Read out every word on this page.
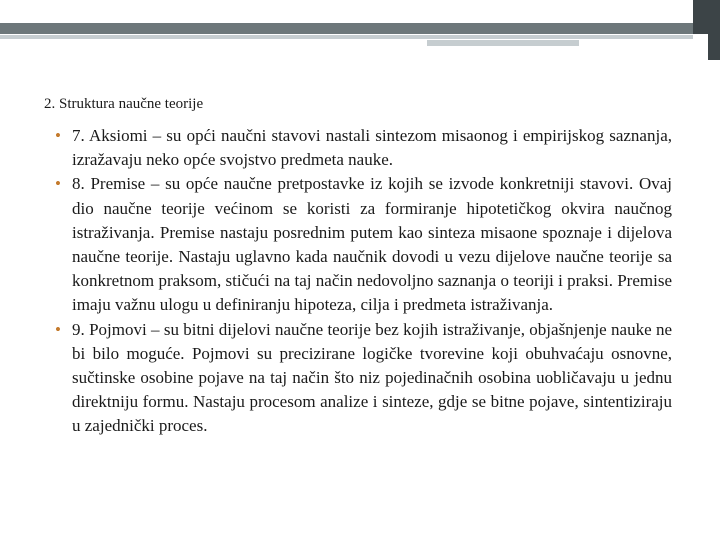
2. Struktura naučne teorije
• 7. Aksiomi – su opći naučni stavovi nastali sintezom misaonog i empirijskog saznanja, izražavaju neko opće svojstvo predmeta nauke.
• 8. Premise – su opće naučne pretpostavke iz kojih se izvode konkretniji stavovi. Ovaj dio naučne teorije većinom se koristi za formiranje hipotetičkog okvira naučnog istraživanja. Premise nastaju posrednim putem kao sinteza misaone spoznaje i dijelova naučne teorije. Nastaju uglavno kada naučnik dovodi u vezu dijelove naučne teorije sa konkretnom praksom, stičući na taj način nedovoljno saznanja o teoriji i praksi. Premise imaju važnu ulogu u definiranju hipoteza, cilja i predmeta istraživanja.
• 9. Pojmovi – su bitni dijelovi naučne teorije bez kojih istraživanje, objašnjenje nauke ne bi bilo moguće. Pojmovi su precizirane logičke tvorevine koji obuhvaćaju osnovne, sučtinske osobine pojave na taj način što niz pojedinačnih osobina uobličavaju u jednu direktniju formu. Nastaju procesom analize i sinteze, gdje se bitne pojave, sintentiziraju u zajednički proces.
